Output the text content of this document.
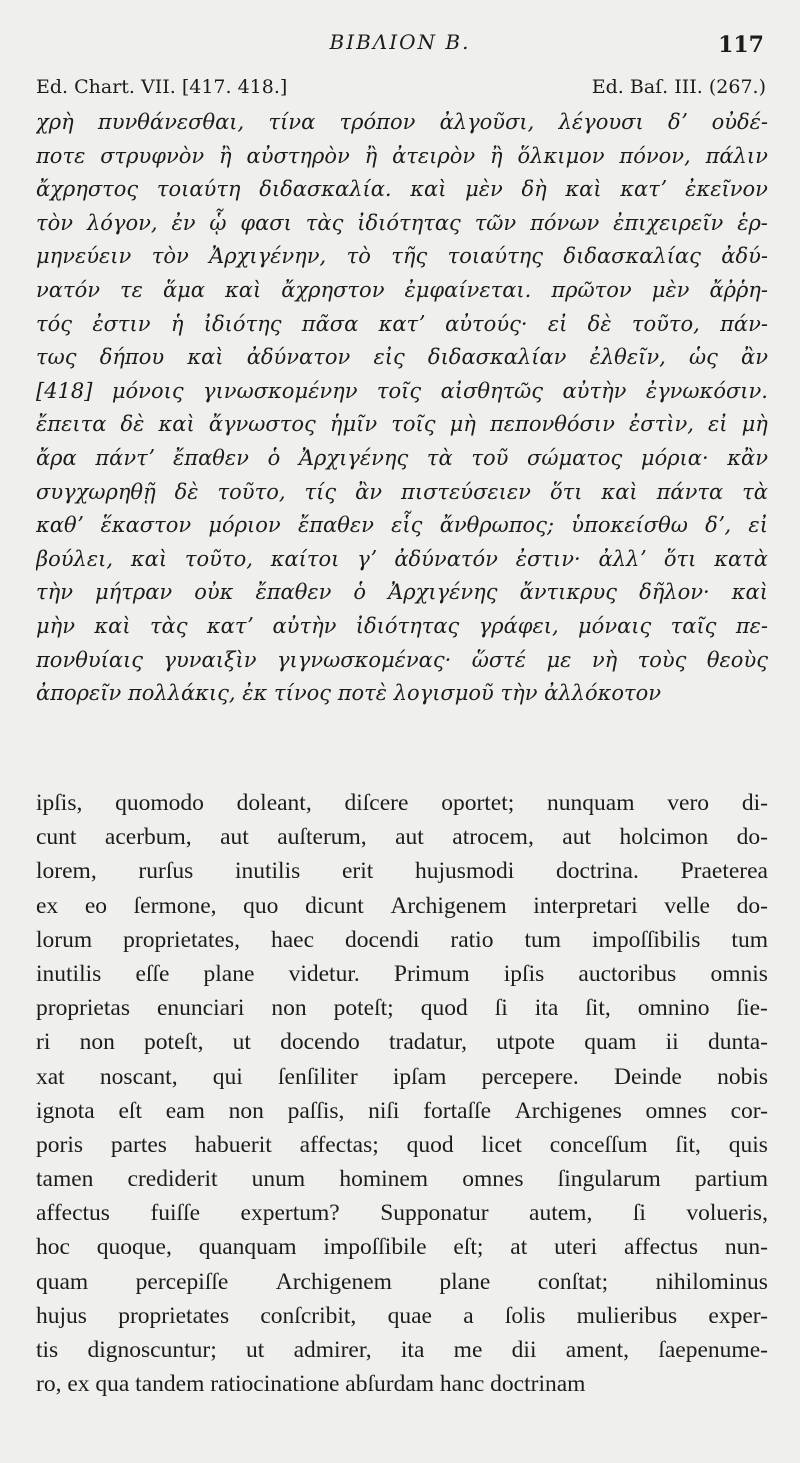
BIBΛΙΟΝ B.	117
Ed. Chart. VII. [417. 418.]	Ed. Baſ. III. (267.)
χρὴ πυνθάνεσθαι, τίνα τρόπον ἀλγοῦσι, λέγουσι δʼ οὐδέ-
ποτε στρυφνὸν ἢ αὐστηρὸν ἢ ἀτειρὸν ἢ ὅλκιμον πόνον, πάλιν
ἄχρηστος τοιαύτη διδασκαλία. καὶ μὲν δὴ καὶ κατʼ ἐκεῖνον
τὸν λόγον, ἐν ᾧ φασι τὰς ἰδιότητας τῶν πόνων ἐπιχειρεῖν ἑρ-
μηνεύειν τὸν Ἀρχιγένην, τὸ τῆς τοιαύτης διδασκαλίας ἀδύ-
νατόν τε ἅμα καὶ ἄχρηστον ἐμφαίνεται. πρῶτον μὲν ἄῤῥη-
τός ἐστιν ἡ ἰδιότης πᾶσα κατʼ αὐτούς· εἰ δὲ τοῦτο, πάν-
τως δήπου καὶ ἀδύνατον εἰς διδασκαλίαν ἐλθεῖν, ὡς ἂν
[418] μόνοις γινωσκομένην τοῖς αἰσθητῶς αὐτὴν ἐγνωκόσιν.
ἔπειτα δὲ καὶ ἄγνωστος ἡμῖν τοῖς μὴ πεπονθόσιν ἐστὶν, εἰ μὴ
ἄρα πάντʼ ἔπαθεν ὁ Ἀρχιγένης τὰ τοῦ σώματος μόρια· κἂν
συγχωρηθῇ δὲ τοῦτο, τίς ἂν πιστεύσειεν ὅτι καὶ πάντα τὰ
καθʼ ἕκαστον μόριον ἔπαθεν εἷς ἄνθρωπος; ὑποκείσθω δʼ, εἰ
βούλει, καὶ τοῦτο, καίτοι γʼ ἀδύνατόν ἐστιν· ἀλλʼ ὅτι κατὰ
τὴν μήτραν οὐκ ἔπαθεν ὁ Ἀρχιγένης ἄντικρυς δῆλον· καὶ
μὴν καὶ τὰς κατʼ αὐτὴν ἰδιότητας γράφει, μόναις ταῖς πε-
πονθυίαις γυναιξὶν γιγνωσκομένας· ὥστέ με νὴ τοὺς θεοὺς
ἀπορεῖν πολλάκις, ἐκ τίνος ποτὲ λογισμοῦ τὴν ἀλλόκοτον
ipſis, quomodo doleant, diſcere oportet; nunquam vero di-
cunt acerbum, aut auſterum, aut atrocem, aut holcimon do-
lorem, rurſus inutilis erit hujusmodi doctrina. Praeterea
ex eo ſermone, quo dicunt Archigenem interpretari velle do-
lorum proprietates, haec docendi ratio tum impoſſibilis tum
inutilis eſſe plane videtur. Primum ipſis auctoribus omnis
proprietas enunciari non poteſt; quod ſi ita ſit, omnino ſie-
ri non poteſt, ut docendo tradatur, utpote quam ii dunta-
xat noscant, qui ſenſiliter ipſam percepere. Deinde nobis
ignota eſt eam non paſſis, niſi fortaſſe Archigenes omnes cor-
poris partes habuerit affectas; quod licet conceſſum ſit, quis
tamen crediderit unum hominem omnes ſingularum partium
affectus fuiſſe expertum? Supponatur autem, ſi volueris,
hoc quoque, quanquam impoſſibile eſt; at uteri affectus nun-
quam percepiſſe Archigenem plane conſtat; nihilominus
hujus proprietates conſcribit, quae a ſolis mulieribus exper-
tis dignoscuntur; ut admirer, ita me dii ament, ſaepenume-
ro, ex qua tandem ratiocinatione abſurdam hanc doctrinam
